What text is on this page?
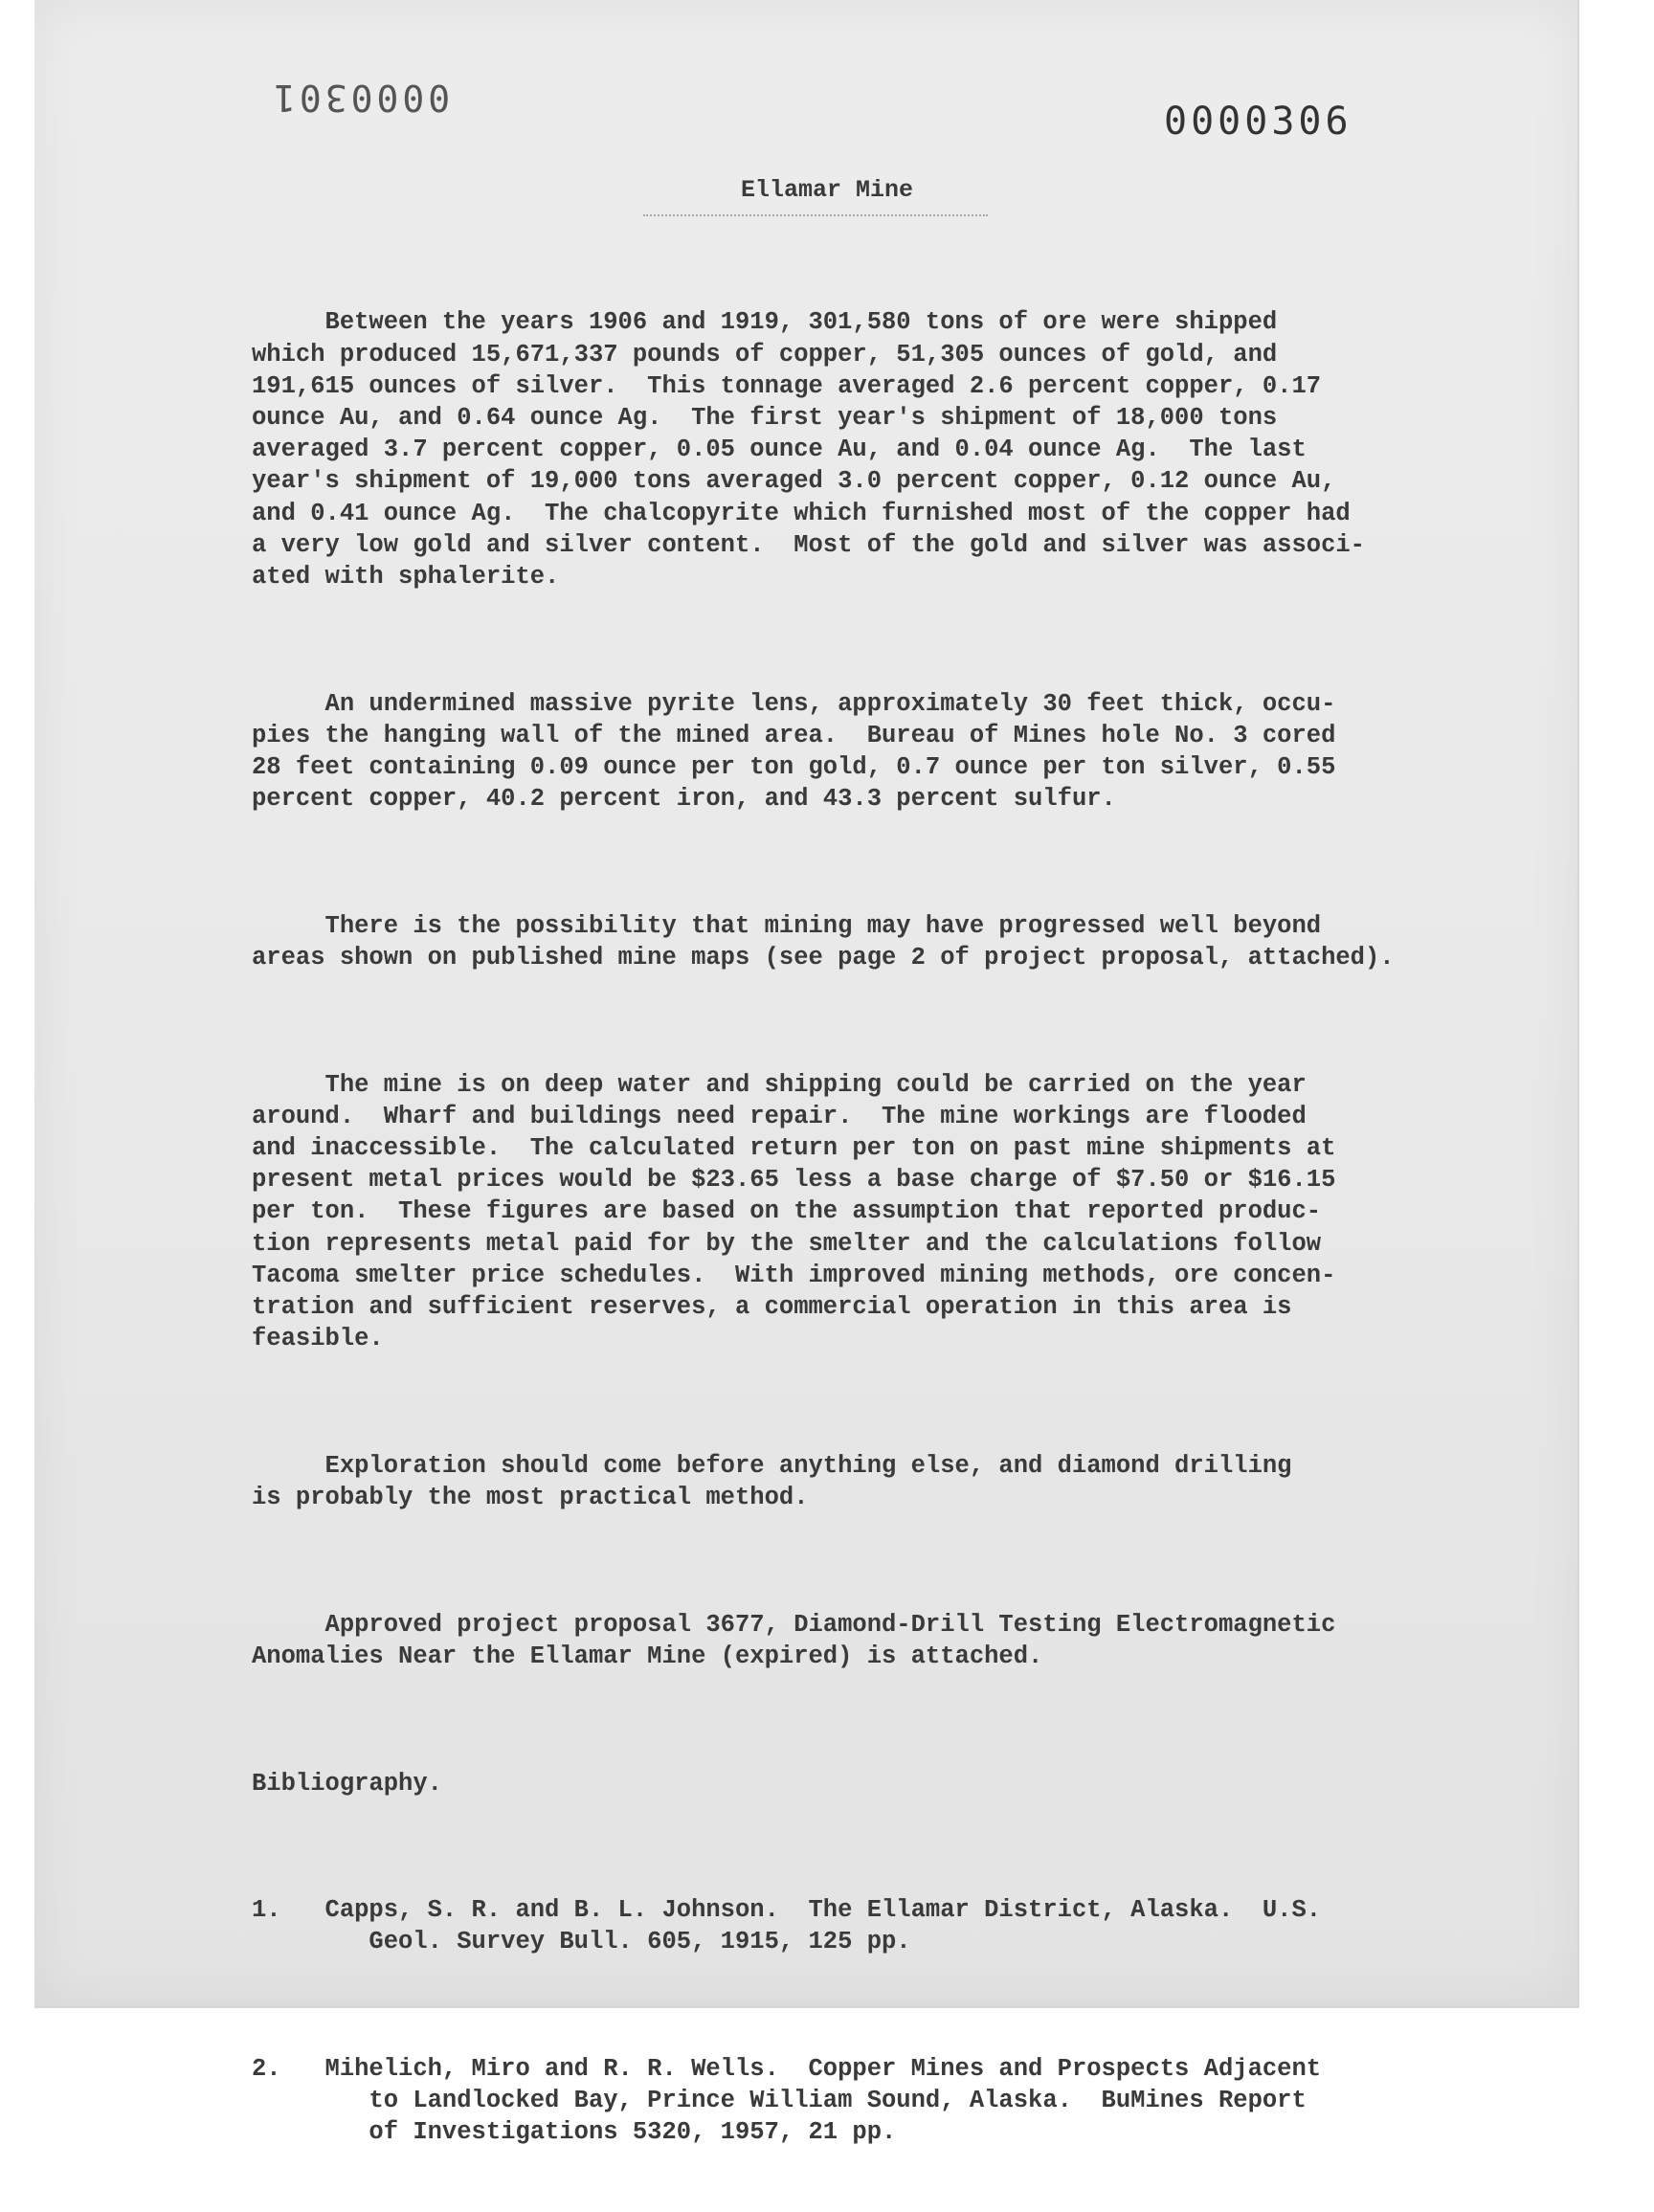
0000301
0000306
Ellamar Mine

Between the years 1906 and 1919, 301,580 tons of ore were shipped
which produced 15,671,337 pounds of copper, 51,305 ounces of gold, and
191,615 ounces of silver.  This tonnage averaged 2.6 percent copper, 0.17
ounce Au, and 0.64 ounce Ag.  The first year's shipment of 18,000 tons
averaged 3.7 percent copper, 0.05 ounce Au, and 0.04 ounce Ag.  The last
year's shipment of 19,000 tons averaged 3.0 percent copper, 0.12 ounce Au,
and 0.41 ounce Ag.  The chalcopyrite which furnished most of the copper had
a very low gold and silver content.  Most of the gold and silver was associ-
ated with sphalerite.

An undermined massive pyrite lens, approximately 30 feet thick, occu-
pies the hanging wall of the mined area.  Bureau of Mines hole No. 3 cored
28 feet containing 0.09 ounce per ton gold, 0.7 ounce per ton silver, 0.55
percent copper, 40.2 percent iron, and 43.3 percent sulfur.

There is the possibility that mining may have progressed well beyond
areas shown on published mine maps (see page 2 of project proposal, attached).

The mine is on deep water and shipping could be carried on the year
around.  Wharf and buildings need repair.  The mine workings are flooded
and inaccessible.  The calculated return per ton on past mine shipments at
present metal prices would be $23.65 less a base charge of $7.50 or $16.15
per ton.  These figures are based on the assumption that reported produc-
tion represents metal paid for by the smelter and the calculations follow
Tacoma smelter price schedules.  With improved mining methods, ore concen-
tration and sufficient reserves, a commercial operation in this area is
feasible.

Exploration should come before anything else, and diamond drilling
is probably the most practical method.

Approved project proposal 3677, Diamond-Drill Testing Electromagnetic
Anomalies Near the Ellamar Mine (expired) is attached.

Bibliography.

1.   Capps, S. R. and B. L. Johnson.  The Ellamar District, Alaska.  U.S.
Geol. Survey Bull. 605, 1915, 125 pp.

2.   Mihelich, Miro and R. R. Wells.  Copper Mines and Prospects Adjacent
to Landlocked Bay, Prince William Sound, Alaska.  BuMines Report
of Investigations 5320, 1957, 21 pp.
